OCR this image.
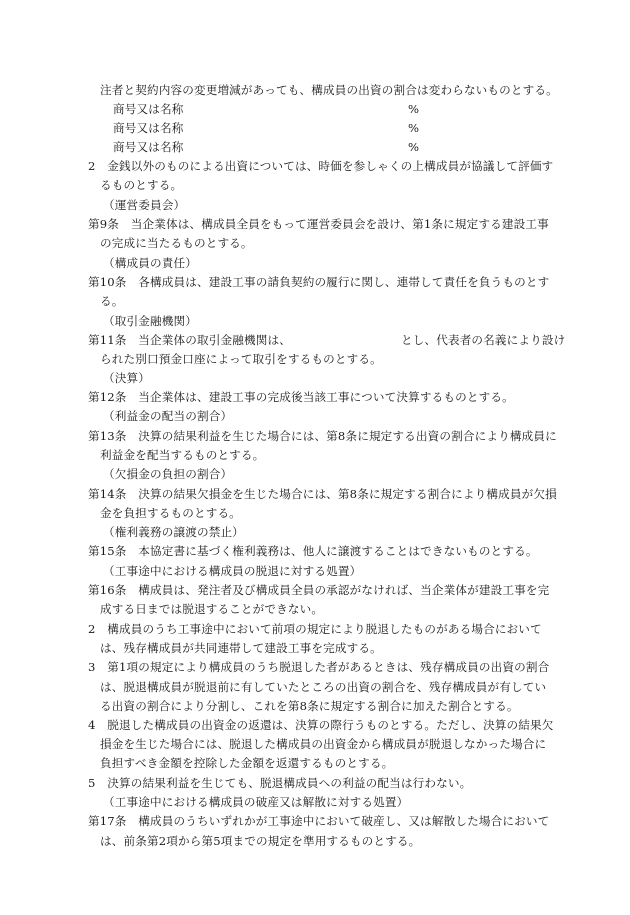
注者と契約内容の変更増減があっても、構成員の出資の割合は変わらないものとする。
商号又は名称	%
商号又は名称	%
商号又は名称	%
2　金銭以外のものによる出資については、時価を参しゃくの上構成員が協議して評価す
るものとする。
（運営委員会）
第9条　当企業体は、構成員全員をもって運営委員会を設け、第1条に規定する建設工事
の完成に当たるものとする。
（構成員の責任）
第10条　各構成員は、建設工事の請負契約の履行に関し、連帯して責任を負うものとす
る。
（取引金融機関）
第11条　当企業体の取引金融機関は、	とし、代表者の名義により設け
られた別口預金口座によって取引をするものとする。
（決算）
第12条　当企業体は、建設工事の完成後当該工事について決算するものとする。
（利益金の配当の割合）
第13条　決算の結果利益を生じた場合には、第8条に規定する出資の割合により構成員に
利益金を配当するものとする。
（欠損金の負担の割合）
第14条　決算の結果欠損金を生じた場合には、第8条に規定する割合により構成員が欠損
金を負担するものとする。
（権利義務の譲渡の禁止）
第15条　本協定書に基づく権利義務は、他人に譲渡することはできないものとする。
（工事途中における構成員の脱退に対する処置）
第16条　構成員は、発注者及び構成員全員の承認がなければ、当企業体が建設工事を完
成する日までは脱退することができない。
2　構成員のうち工事途中において前項の規定により脱退したものがある場合において
は、残存構成員が共同連帯して建設工事を完成する。
3　第1項の規定により構成員のうち脱退した者があるときは、残存構成員の出資の割合
は、脱退構成員が脱退前に有していたところの出資の割合を、残存構成員が有してい
る出資の割合により分割し、これを第8条に規定する割合に加えた割合とする。
4　脱退した構成員の出資金の返還は、決算の際行うものとする。ただし、決算の結果欠
損金を生じた場合には、脱退した構成員の出資金から構成員が脱退しなかった場合に
負担すべき金額を控除した金額を返還するものとする。
5　決算の結果利益を生じても、脱退構成員への利益の配当は行わない。
（工事途中における構成員の破産又は解散に対する処置）
第17条　構成員のうちいずれかが工事途中において破産し、又は解散した場合において
は、前条第2項から第5項までの規定を準用するものとする。
